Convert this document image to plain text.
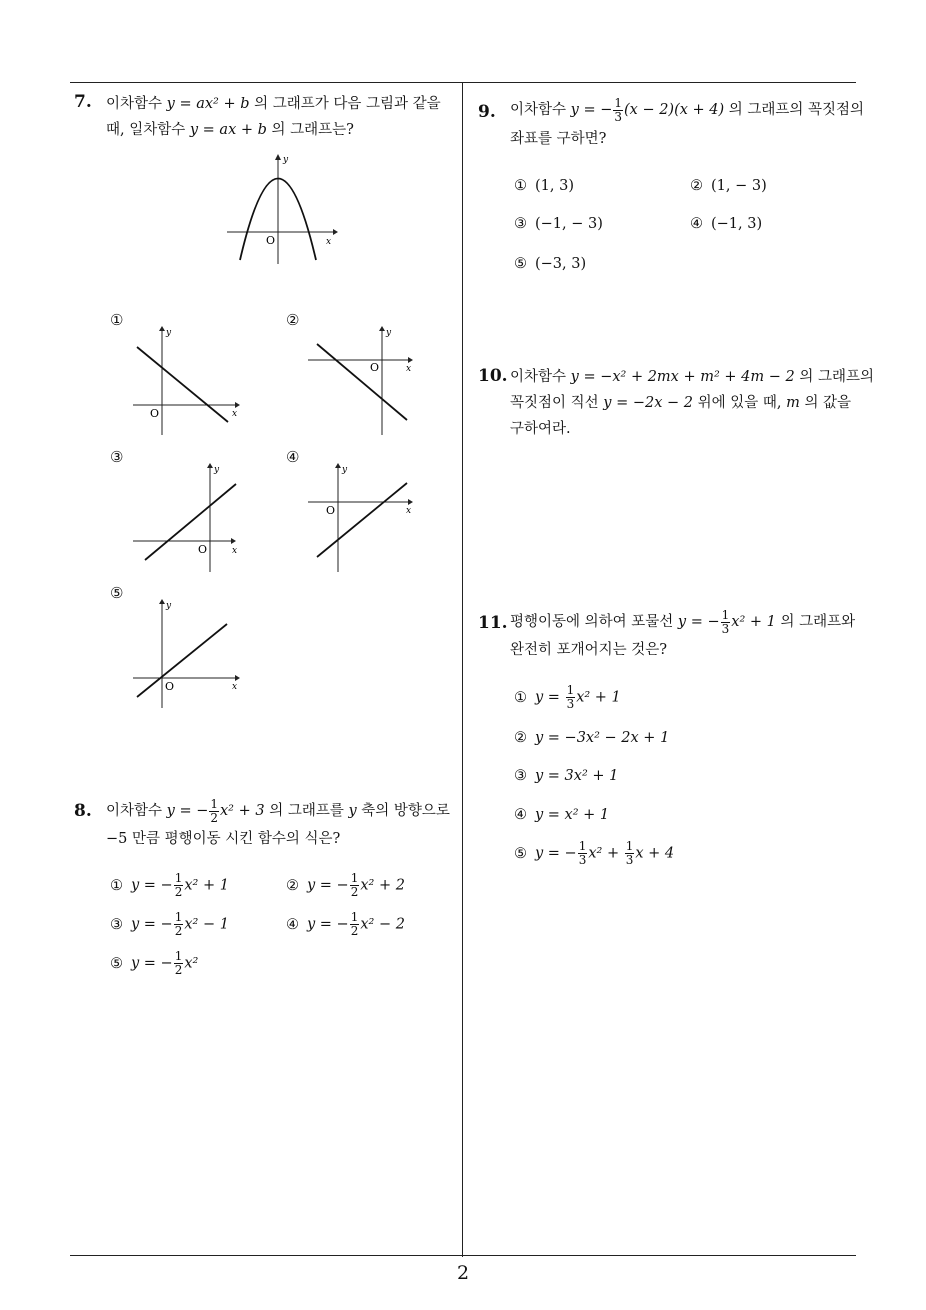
7. 이차함수 y = ax² + b 의 그래프가 다음 그림과 같을
때, 일차함수 y = ax + b 의 그래프는?
y
x
O
①
y
x
O
②
y
x
O
③
y
x
O
④
y
x
O
⑤
y
x
O
8. 이차함수 y = − $\frac{1}{2} x^2 + 3$ 의 그래프를 y 축의 방향으로
−5 만큼 평행이동 시킨 함수의 식은?
① y = − $\frac{1}{2} x^2 + 1$	② y = − $\frac{1}{2} x^2 + 2$
③ y = − $\frac{1}{2} x^2 - 1$	④ y = − $\frac{1}{2} x^2 - 2$
⑤ y = − $\frac{1}{2} x^2$
9. 이차함수 y = − $\frac{1}{3} (x - 2)(x + 4)$ 의 그래프의 꼭짓점의
좌표를 구하면?
① (1, 3)	② (1, − 3)
③ (−1, − 3)	④ (−1, 3)
⑤ (−3, 3)
10. 이차함수 y = −x² + 2mx + m² + 4m − 2 의 그래프의
꼭짓점이 직선 y = −2x − 2 위에 있을 때, m 의 값을
구하여라.
11. 평행이동에 의하여 포물선 y = − $\frac{1}{3} x^2 + 1$ 의 그래프와
완전히 포개어지는 것은?
① $y = \frac{1}{3} x^2 + 1$
② y = −3x² − 2x + 1
③ y = 3x² + 1
④ y = x² + 1
⑤ y = − $\frac{1}{3} x^2 + \frac{1}{3}$ x + 4
2
